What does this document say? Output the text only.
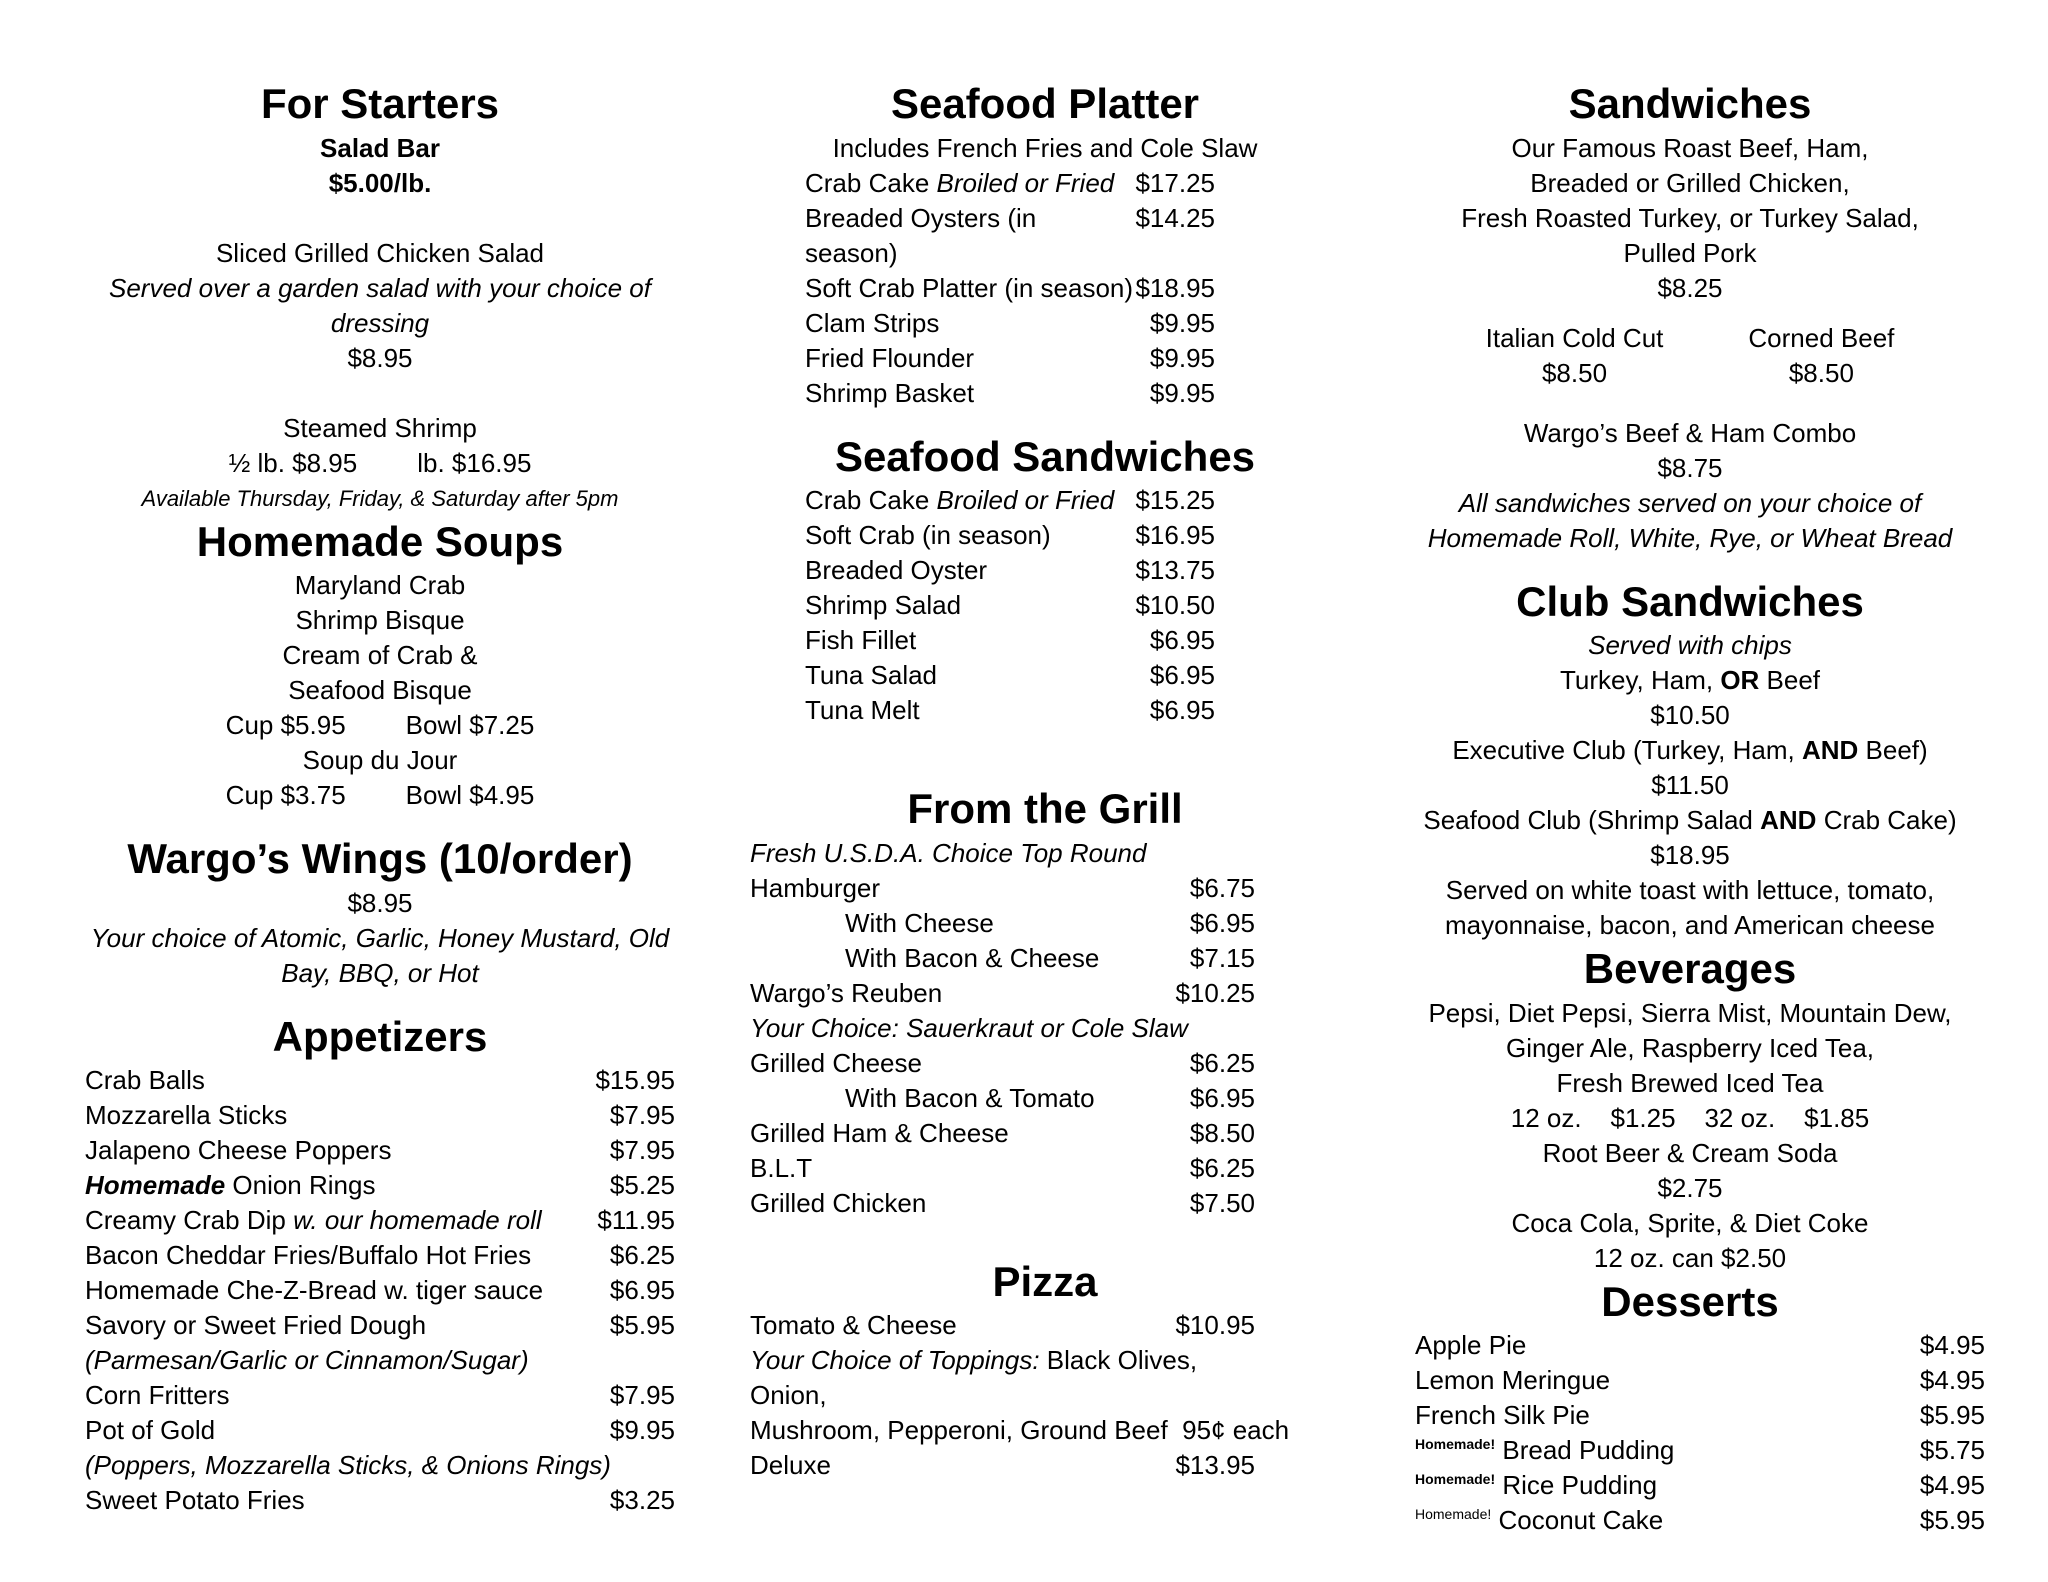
For Starters

Salad Bar

$5.00/lb.

Sliced Grilled Chicken Salad

Served over a garden salad with your choice of dressing

$8.95

Steamed Shrimp

½ lb. $8.95 lb. $16.95

Available Thursday, Friday, & Saturday after 5pm

Homemade Soups

Maryland Crab

Shrimp Bisque

Cream of Crab &

Seafood Bisque

Cup $5.95 Bowl $7.25

Soup du Jour

Cup $3.75 Bowl $4.95

Wargo’s Wings (10/order)

$8.95

Your choice of Atomic, Garlic, Honey Mustard, Old Bay, BBQ, or Hot

Appetizers
Crab Balls	$15.95
Mozzarella Sticks	$7.95
Jalapeno Cheese Poppers	$7.95
Homemade Onion Rings	$5.25
Creamy Crab Dip w. our homemade roll $11.95
Bacon Cheddar Fries/Buffalo Hot Fries	$6.25
Homemade Che-Z-Bread w. tiger sauce	$6.95
Savory or Sweet Fried Dough	$5.95
(Parmesan/Garlic or Cinnamon/Sugar)
Corn Fritters	$7.95
Pot of Gold	$9.95
(Poppers, Mozzarella Sticks, & Onions Rings)
Sweet Potato Fries	$3.25
Seafood Platter

Includes French Fries and Cole Slaw

Crab Cake Broiled or Fried $17.25
Breaded Oysters (in season)
$14.25
Soft Crab Platter (in season) $18.95
Clam Strips	$9.95
Fried Flounder	$9.95
Shrimp Basket	$9.95
Seafood Sandwiches
Crab Cake Broiled or Fried $15.25
Soft Crab (in season)	$16.95
Breaded Oyster	$13.75
Shrimp Salad	$10.50
Fish Fillet	$6.95
Tuna Salad	$6.95
Tuna Melt	$6.95
From the Grill
Fresh U.S.D.A. Choice Top Round
Hamburger	$6.75
With Cheese	$6.95
With Bacon & Cheese	$7.15
Wargo’s Reuben	$10.25
Your Choice: Sauerkraut or Cole Slaw
Grilled Cheese	$6.25
With Bacon & Tomato	$6.95
Grilled Ham & Cheese	$8.50
B.L.T	$6.25
Grilled Chicken	$7.50
Pizza
Tomato & Cheese	$10.95
Your Choice of Toppings: Black Olives, Onion,
Mushroom, Pepperoni, Ground Beef  95¢ each
Deluxe	$13.95
Sandwiches

Our Famous Roast Beef, Ham,

Breaded or Grilled Chicken,

Fresh Roasted Turkey, or Turkey Salad,

Pulled Pork

$8.25

Italian Cold Cut
$8.50
Corned Beef
$8.50

Wargo’s Beef & Ham Combo

$8.75

All sandwiches served on your choice of Homemade Roll, White, Rye, or Wheat Bread

Club Sandwiches

Served with chips

Turkey, Ham, OR Beef

$10.50

Executive Club (Turkey, Ham, AND Beef)

$11.50

Seafood Club (Shrimp Salad AND Crab Cake)

$18.95

Served on white toast with lettuce, tomato, mayonnaise, bacon, and American cheese

Beverages

Pepsi, Diet Pepsi, Sierra Mist, Mountain Dew,

Ginger Ale, Raspberry Iced Tea,

Fresh Brewed Iced Tea

12 oz.    $1.25    32 oz.    $1.85

Root Beer & Cream Soda

$2.75

Coca Cola, Sprite, & Diet Coke

12 oz. can $2.50

Desserts
Apple Pie	$4.95
Lemon Meringue	$4.95
French Silk Pie	$5.95
$^{Homemade!}$ Bread Pudding	$5.75
$^{Homemade!}$ Rice Pudding	$4.95
$^{Homemade!}$ Coconut Cake	$5.95
